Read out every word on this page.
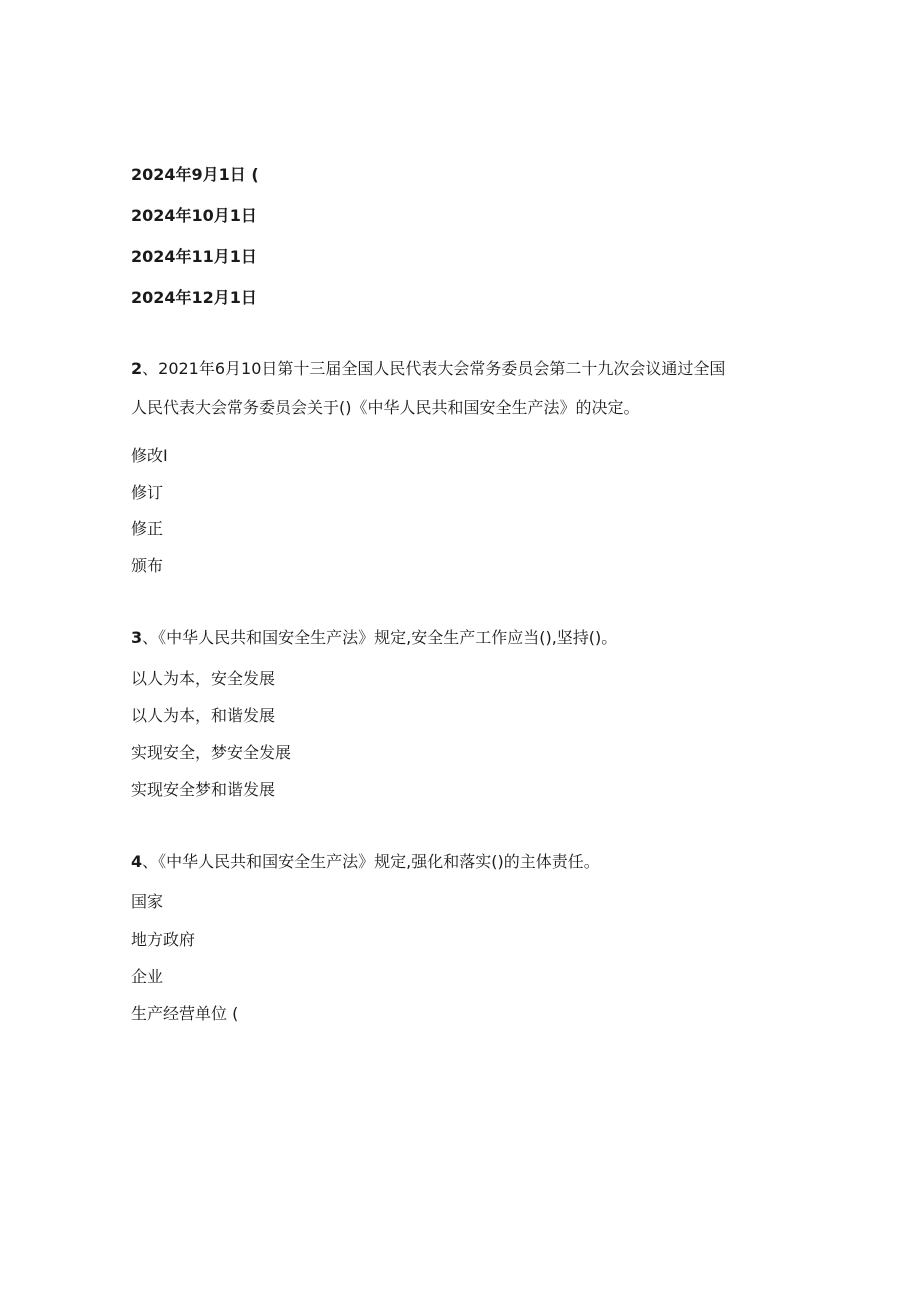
2024年9月1日 (
2024年10月1日
2024年11月1日
2024年12月1日
2、2021年6月10日第十三届全国人民代表大会常务委员会第二十九次会议通过全国
人民代表大会常务委员会关于()《中华人民共和国安全生产法》的决定。
修改I
修订
修正
颁布
3、《中华人民共和国安全生产法》规定,安全生产工作应当(),坚持()。
以人为本，安全发展
以人为本，和谐发展
实现安全，梦安全发展
实现安全梦和谐发展
4、《中华人民共和国安全生产法》规定,强化和落实()的主体责任。
国家
地方政府
企业
生产经营单位 (
